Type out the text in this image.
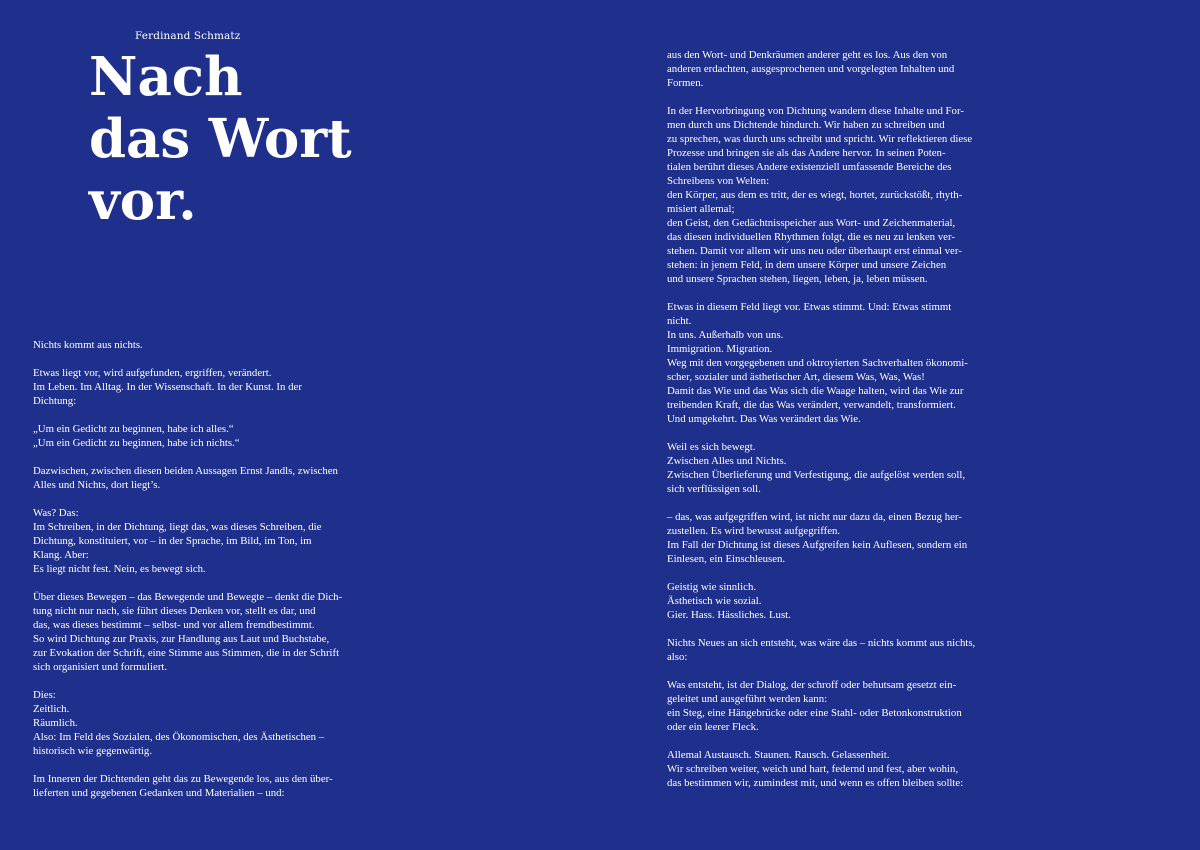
Ferdinand Schmatz
Nach
das Wort
vor.

Nichts kommt aus nichts.

Etwas liegt vor, wird aufgefunden, ergriffen, verändert.
Im Leben. Im Alltag. In der Wissenschaft. In der Kunst. In der
Dichtung:

„Um ein Gedicht zu beginnen, habe ich alles.“
„Um ein Gedicht zu beginnen, habe ich nichts.“

Dazwischen, zwischen diesen beiden Aussagen Ernst Jandls, zwischen
Alles und Nichts, dort liegt’s.

Was? Das:
Im Schreiben, in der Dichtung, liegt das, was dieses Schreiben, die
Dichtung, konstituiert, vor – in der Sprache, im Bild, im Ton, im
Klang. Aber:
Es liegt nicht fest. Nein, es bewegt sich.

Über dieses Bewegen – das Bewegende und Bewegte – denkt die Dich-
tung nicht nur nach, sie führt dieses Denken vor, stellt es dar, und
das, was dieses bestimmt – selbst- und vor allem fremdbestimmt.
So wird Dichtung zur Praxis, zur Handlung aus Laut und Buchstabe,
zur Evokation der Schrift, eine Stimme aus Stimmen, die in der Schrift
sich organisiert und formuliert.

Dies:
Zeitlich.
Räumlich.
Also: Im Feld des Sozialen, des Ökonomischen, des Ästhetischen –
historisch wie gegenwärtig.

Im Inneren der Dichtenden geht das zu Bewegende los, aus den über-
lieferten und gegebenen Gedanken und Materialien – und:

aus den Wort- und Denkräumen anderer geht es los. Aus den von
anderen erdachten, ausgesprochenen und vorgelegten Inhalten und
Formen.

In der Hervorbringung von Dichtung wandern diese Inhalte und For-
men durch uns Dichtende hindurch. Wir haben zu schreiben und
zu sprechen, was durch uns schreibt und spricht. Wir reflektieren diese
Prozesse und bringen sie als das Andere hervor. In seinen Poten-
tialen berührt dieses Andere existenziell umfassende Bereiche des
Schreibens von Welten:
den Körper, aus dem es tritt, der es wiegt, hortet, zurückstößt, rhyth-
misiert allemal;
den Geist, den Gedächtnisspeicher aus Wort- und Zeichenmaterial,
das diesen individuellen Rhythmen folgt, die es neu zu lenken ver-
stehen. Damit vor allem wir uns neu oder überhaupt erst einmal ver-
stehen: in jenem Feld, in dem unsere Körper und unsere Zeichen
und unsere Sprachen stehen, liegen, leben, ja, leben müssen.

Etwas in diesem Feld liegt vor. Etwas stimmt. Und: Etwas stimmt
nicht.
In uns. Außerhalb von uns.
Immigration. Migration.
Weg mit den vorgegebenen und oktroyierten Sachverhalten ökonomi-
scher, sozialer und ästhetischer Art, diesem Was, Was, Was!
Damit das Wie und das Was sich die Waage halten, wird das Wie zur
treibenden Kraft, die das Was verändert, verwandelt, transformiert.
Und umgekehrt. Das Was verändert das Wie.

Weil es sich bewegt.
Zwischen Alles und Nichts.
Zwischen Überlieferung und Verfestigung, die aufgelöst werden soll,
sich verflüssigen soll.

– das, was aufgegriffen wird, ist nicht nur dazu da, einen Bezug her-
zustellen. Es wird bewusst aufgegriffen.
Im Fall der Dichtung ist dieses Aufgreifen kein Auflesen, sondern ein
Einlesen, ein Einschleusen.

Geistig wie sinnlich.
Ästhetisch wie sozial.
Gier. Hass. Hässliches. Lust.

Nichts Neues an sich entsteht, was wäre das – nichts kommt aus nichts,
also:

Was entsteht, ist der Dialog, der schroff oder behutsam gesetzt ein-
geleitet und ausgeführt werden kann:
ein Steg, eine Hängebrücke oder eine Stahl- oder Betonkonstruktion
oder ein leerer Fleck.

Allemal Austausch. Staunen. Rausch. Gelassenheit.
Wir schreiben weiter, weich und hart, federnd und fest, aber wohin,
das bestimmen wir, zumindest mit, und wenn es offen bleiben sollte:
